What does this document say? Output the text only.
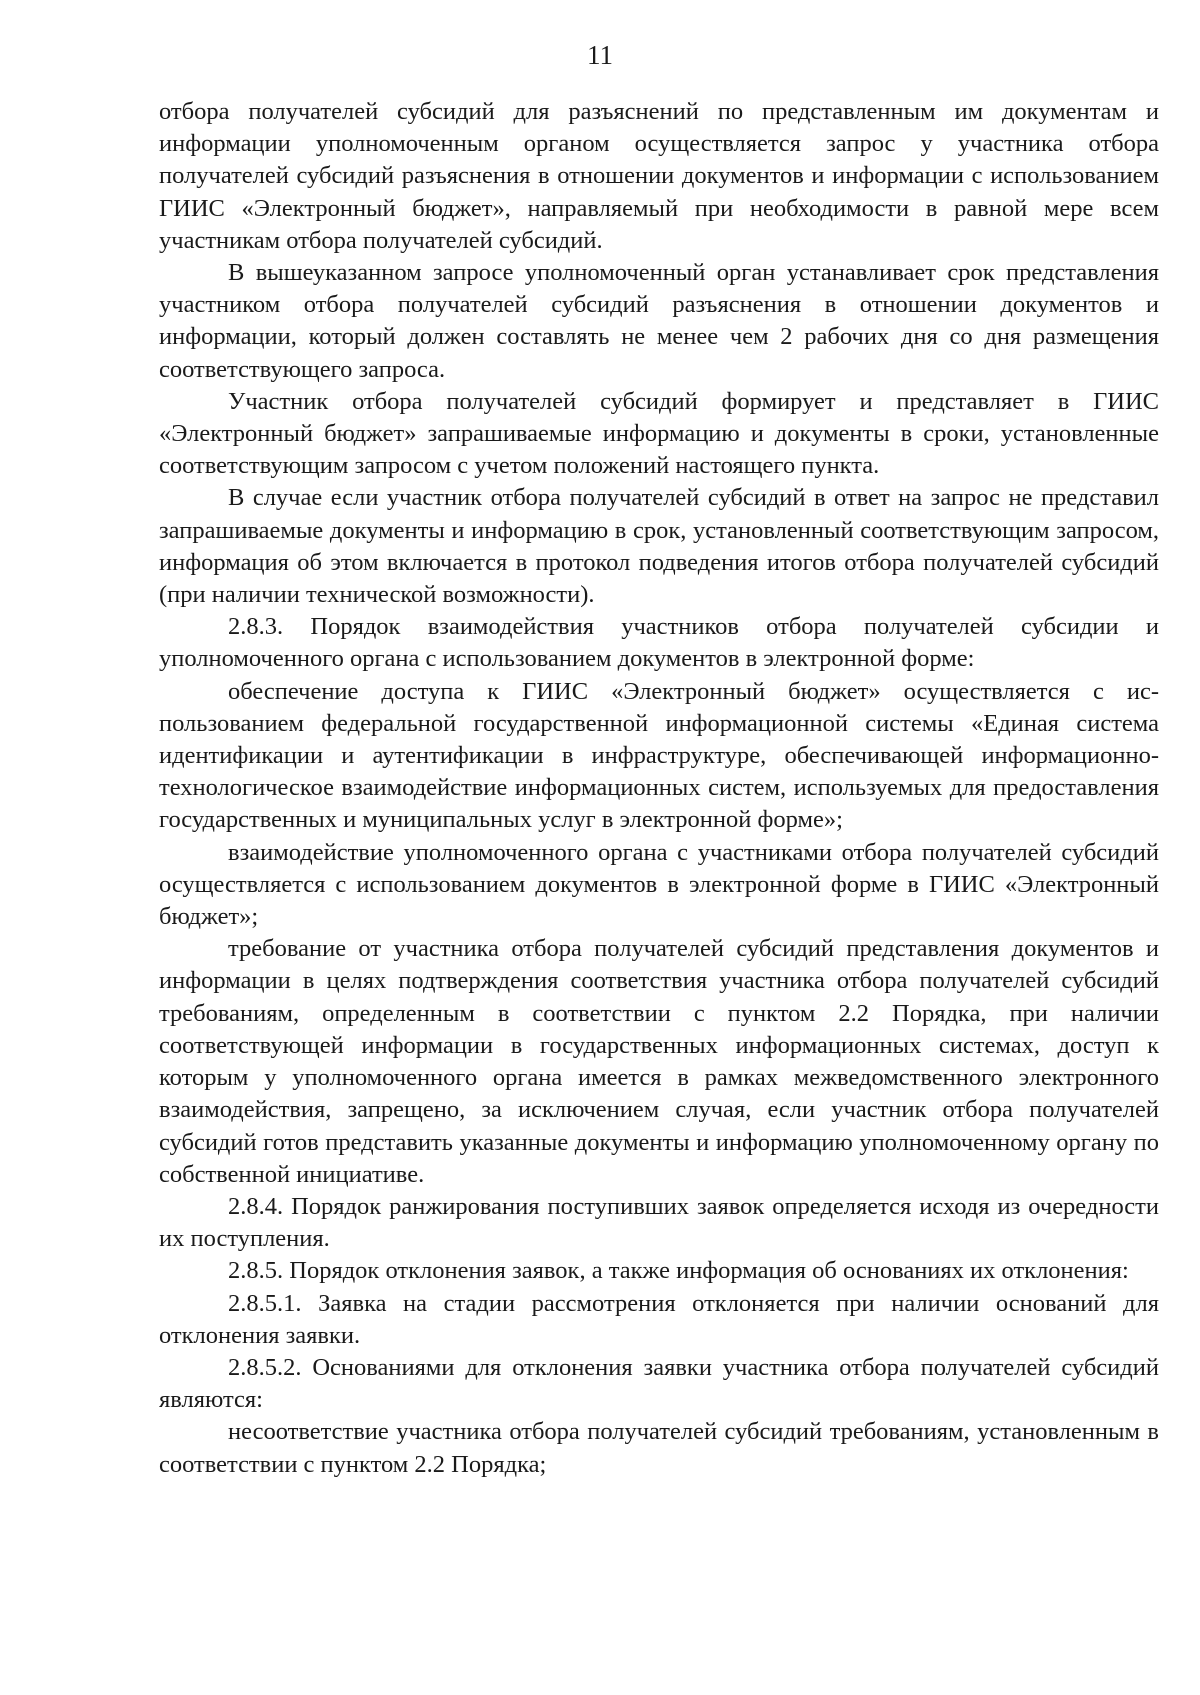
11

отбора получателей субсидий для разъяснений по представленным им документам и информации уполномоченным органом осуществляется запрос у участника отбора получателей субсидий разъяснения в отношении документов и информации с использованием ГИИС «Электронный бюджет», направляемый при необходимости в равной мере всем участникам отбора получателей субсидий.

В вышеуказанном запросе уполномоченный орган устанавливает срок представления участником отбора получателей субсидий разъяснения в отношении документов и информации, который должен составлять не менее чем 2 рабочих дня со дня размещения соответствующего запроса.

Участник отбора получателей субсидий формирует и представляет в ГИИС «Электронный бюджет» запрашиваемые информацию и документы в сроки, установленные соответствующим запросом с учетом положений настоящего пункта.

В случае если участник отбора получателей субсидий в ответ на запрос не представил запрашиваемые документы и информацию в срок, установленный соответствующим запросом, информация об этом включается в протокол подведения итогов отбора получателей субсидий (при наличии технической возможности).

2.8.3. Порядок взаимодействия участников отбора получателей субсидии и уполномоченного органа с использованием документов в электронной форме:

обеспечение доступа к ГИИС «Электронный бюджет» осуществляется с использованием федеральной государственной информационной системы «Единая система идентификации и аутентификации в инфраструктуре, обеспечивающей информационно-технологическое взаимодействие информационных систем, используемых для предоставления государственных и муниципальных услуг в электронной форме»;

взаимодействие уполномоченного органа с участниками отбора получателей субсидий осуществляется с использованием документов в электронной форме в ГИИС «Электронный бюджет»;

требование от участника отбора получателей субсидий представления документов и информации в целях подтверждения соответствия участника отбора получателей субсидий требованиям, определенным в соответствии с пунктом 2.2 Порядка, при наличии соответствующей информации в государственных информационных системах, доступ к которым у уполномоченного органа имеется в рамках межведомственного электронного взаимодействия, запрещено, за исключением случая, если участник отбора получателей субсидий готов представить указанные документы и информацию уполномоченному органу по собственной инициативе.

2.8.4. Порядок ранжирования поступивших заявок определяется исходя из очередности их поступления.

2.8.5. Порядок отклонения заявок, а также информация об основаниях их отклонения:

2.8.5.1. Заявка на стадии рассмотрения отклоняется при наличии оснований для отклонения заявки.

2.8.5.2. Основаниями для отклонения заявки участника отбора получателей субсидий являются:

несоответствие участника отбора получателей субсидий требованиям, установленным в соответствии с пунктом 2.2 Порядка;
